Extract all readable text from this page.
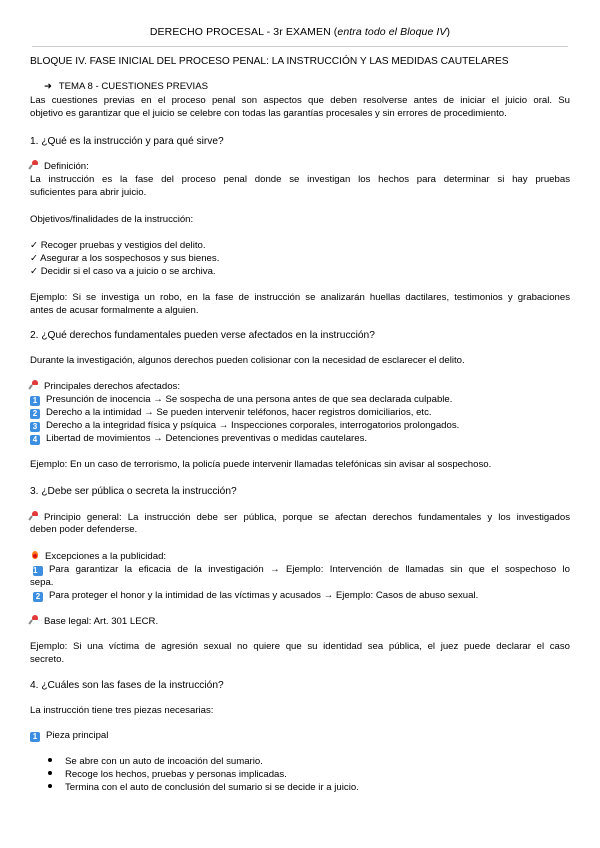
DERECHO PROCESAL - 3r EXAMEN (entra todo el Bloque IV)
BLOQUE IV. FASE INICIAL DEL PROCESO PENAL: LA INSTRUCCIÓN Y LAS MEDIDAS CAUTELARES
➜ TEMA 8 - CUESTIONES PREVIAS
Las cuestiones previas en el proceso penal son aspectos que deben resolverse antes de iniciar el juicio oral. Su
objetivo es garantizar que el juicio se celebre con todas las garantías procesales y sin errores de procedimiento.
1. ¿Qué es la instrucción y para qué sirve?
Definición:
La instrucción es la fase del proceso penal donde se investigan los hechos para determinar si hay pruebas
suficientes para abrir juicio.
Objetivos/finalidades de la instrucción:
✓ Recoger pruebas y vestigios del delito.
✓ Asegurar a los sospechosos y sus bienes.
✓ Decidir si el caso va a juicio o se archiva.
Ejemplo: Si se investiga un robo, en la fase de instrucción se analizarán huellas dactilares, testimonios y grabaciones
antes de acusar formalmente a alguien.
2. ¿Qué derechos fundamentales pueden verse afectados en la instrucción?
Durante la investigación, algunos derechos pueden colisionar con la necesidad de esclarecer el delito.
Principales derechos afectados:
1 Presunción de inocencia → Se sospecha de una persona antes de que sea declarada culpable.
2 Derecho a la intimidad → Se pueden intervenir teléfonos, hacer registros domiciliarios, etc.
3 Derecho a la integridad física y psíquica → Inspecciones corporales, interrogatorios prolongados.
4 Libertad de movimientos → Detenciones preventivas o medidas cautelares.
Ejemplo: En un caso de terrorismo, la policía puede intervenir llamadas telefónicas sin avisar al sospechoso.
3. ¿Debe ser pública o secreta la instrucción?
Principio general: La instrucción debe ser pública, porque se afectan derechos fundamentales y los investigados
deben poder defenderse.
Excepciones a la publicidad:
1 Para garantizar la eficacia de la investigación → Ejemplo: Intervención de llamadas sin que el sospechoso lo
sepa.
2 Para proteger el honor y la intimidad de las víctimas y acusados → Ejemplo: Casos de abuso sexual.
Base legal: Art. 301 LECR.
Ejemplo: Si una víctima de agresión sexual no quiere que su identidad sea pública, el juez puede declarar el caso
secreto.
4. ¿Cuáles son las fases de la instrucción?
La instrucción tiene tres piezas necesarias:
1 Pieza principal
Se abre con un auto de incoación del sumario.
Recoge los hechos, pruebas y personas implicadas.
Termina con el auto de conclusión del sumario si se decide ir a juicio.
